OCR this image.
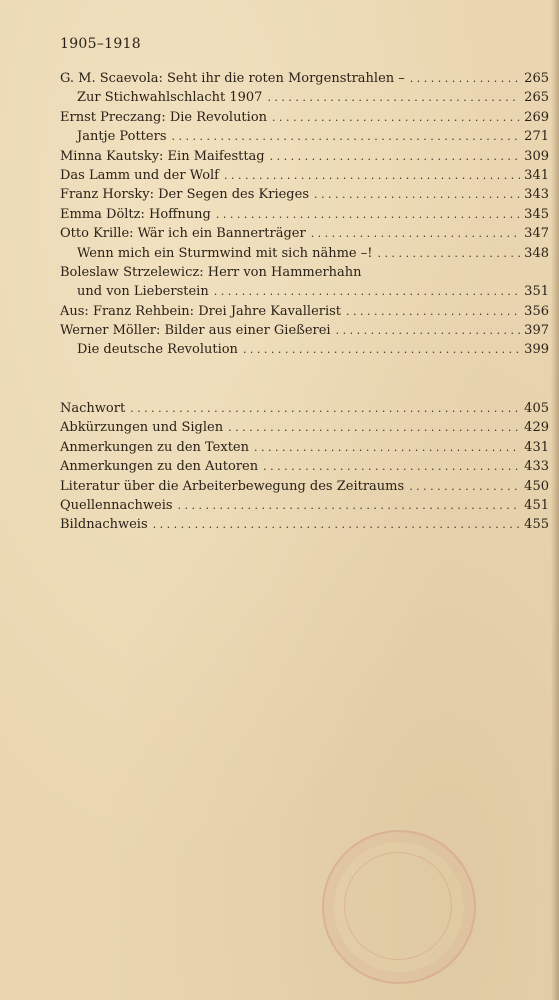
1905–1918
G. M. Scaevola: Seht ihr die roten Morgenstrahlen – . . .	265
Zur Stichwahlschlacht 1907 . . .	265
Ernst Preczang: Die Revolution . . .	269
Jantje Potters . . .	271
Minna Kautsky: Ein Maifesttag . . .	309
Das Lamm und der Wolf . . .	341
Franz Horsky: Der Segen des Krieges . . .	343
Emma Döltz: Hoffnung . . .	345
Otto Krille: Wär ich ein Bannerträger . . .	347
Wenn mich ein Sturmwind mit sich nähme –! . . .	348
Boleslaw Strzelewicz: Herr von Hammerhahn
und von Lieberstein . . .	351
Aus: Franz Rehbein: Drei Jahre Kavallerist . . .	356
Werner Möller: Bilder aus einer Gießerei . . .	397
Die deutsche Revolution . . .	399
Nachwort . . .	405
Abkürzungen und Siglen . . .	429
Anmerkungen zu den Texten . . .	431
Anmerkungen zu den Autoren . . .	433
Literatur über die Arbeiterbewegung des Zeitraums . . .	450
Quellennachweis . . .	451
Bildnachweis . . .	455
